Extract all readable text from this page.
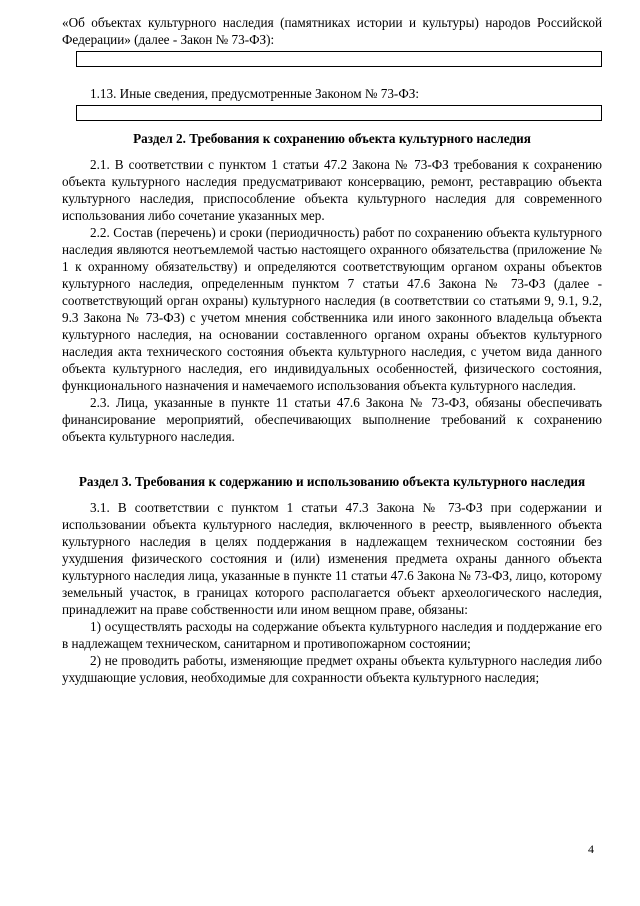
«Об объектах культурного наследия (памятниках истории и культуры) народов Российской Федерации» (далее - Закон № 73-ФЗ):

1.13. Иные сведения, предусмотренные Законом № 73-ФЗ:

Раздел 2. Требования к сохранению объекта культурного наследия

2.1. В соответствии с пунктом 1 статьи 47.2 Закона № 73-ФЗ требования к сохранению объекта культурного наследия предусматривают консервацию, ремонт, реставрацию объекта культурного наследия, приспособление объекта культурного наследия для современного использования либо сочетание указанных мер.

2.2. Состав (перечень) и сроки (периодичность) работ по сохранению объекта культурного наследия являются неотъемлемой частью настоящего охранного обязательства (приложение № 1 к охранному обязательству) и определяются соответствующим органом охраны объектов культурного наследия, определенным пунктом 7 статьи 47.6 Закона № 73-ФЗ (далее - соответствующий орган охраны) культурного наследия (в соответствии со статьями 9, 9.1, 9.2, 9.3 Закона № 73-ФЗ) с учетом мнения собственника или иного законного владельца объекта культурного наследия, на основании составленного органом охраны объектов культурного наследия акта технического состояния объекта культурного наследия, с учетом вида данного объекта культурного наследия, его индивидуальных особенностей, физического состояния, функционального назначения и намечаемого использования объекта культурного наследия.

2.3. Лица, указанные в пункте 11 статьи 47.6 Закона № 73-ФЗ, обязаны обеспечивать финансирование мероприятий, обеспечивающих выполнение требований к сохранению объекта культурного наследия.

Раздел 3. Требования к содержанию и использованию объекта культурного наследия

3.1. В соответствии с пунктом 1 статьи 47.3 Закона № 73-ФЗ при содержании и использовании объекта культурного наследия, включенного в реестр, выявленного объекта культурного наследия в целях поддержания в надлежащем техническом состоянии без ухудшения физического состояния и (или) изменения предмета охраны данного объекта культурного наследия лица, указанные в пункте 11 статьи 47.6 Закона № 73-ФЗ, лицо, которому земельный участок, в границах которого располагается объект археологического наследия, принадлежит на праве собственности или ином вещном праве, обязаны:

1) осуществлять расходы на содержание объекта культурного наследия и поддержание его в надлежащем техническом, санитарном и противопожарном состоянии;

2) не проводить работы, изменяющие предмет охраны объекта культурного наследия либо ухудшающие условия, необходимые для сохранности объекта культурного наследия;

4
